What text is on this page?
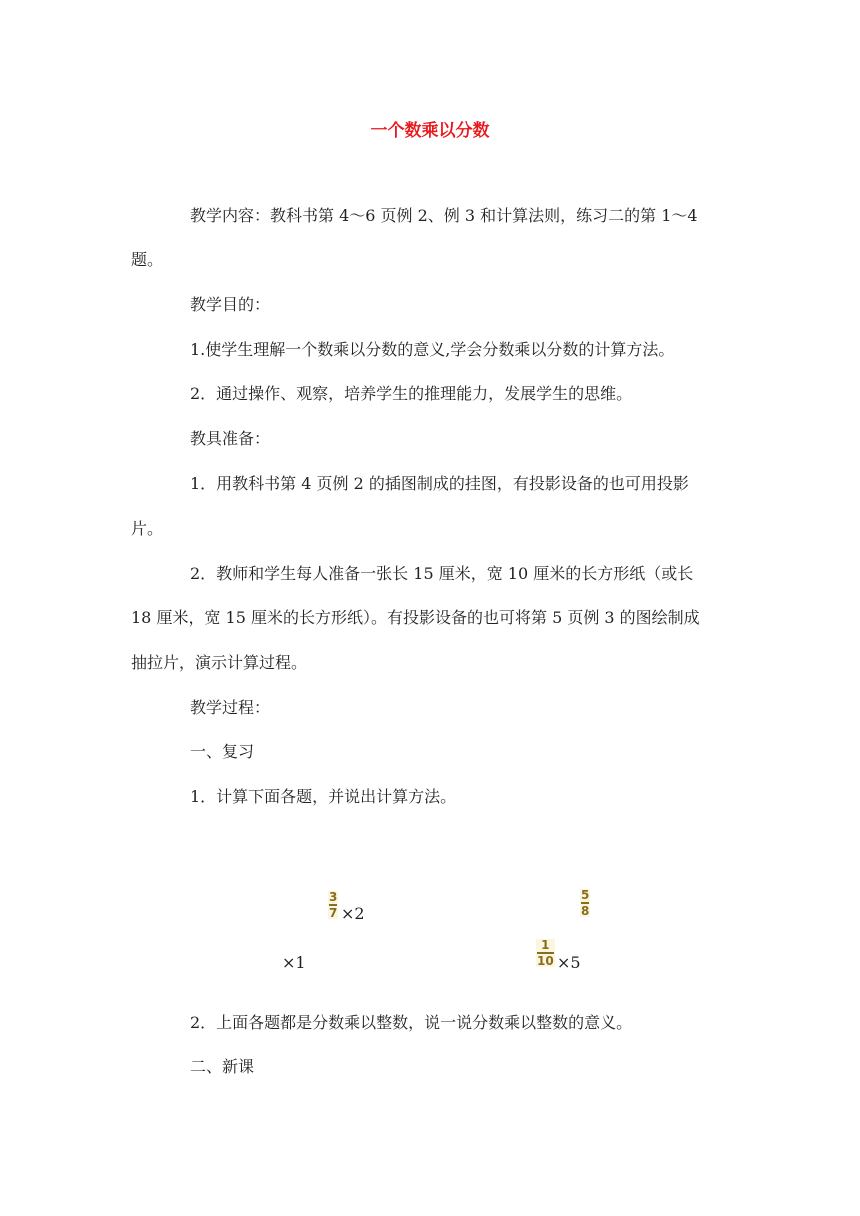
一个数乘以分数
教学内容：教科书第 4～6 页例 2、例 3 和计算法则，练习二的第 1～4
题。
教学目的：
1.使学生理解一个数乘以分数的意义,学会分数乘以分数的计算方法。
2．通过操作、观察，培养学生的推理能力，发展学生的思维。
教具准备：
1．用教科书第 4 页例 2 的插图制成的挂图，有投影设备的也可用投影
片。
2．教师和学生每人准备一张长 15 厘米，宽 10 厘米的长方形纸（或长
18 厘米，宽 15 厘米的长方形纸）。有投影设备的也可将第 5 页例 3 的图绘制成
抽拉片，演示计算过程。
教学过程：
一、复习
1．计算下面各题，并说出计算方法。
3
7 ×2
5
8
×1
1
10 ×5
2．上面各题都是分数乘以整数，说一说分数乘以整数的意义。
二、新课
